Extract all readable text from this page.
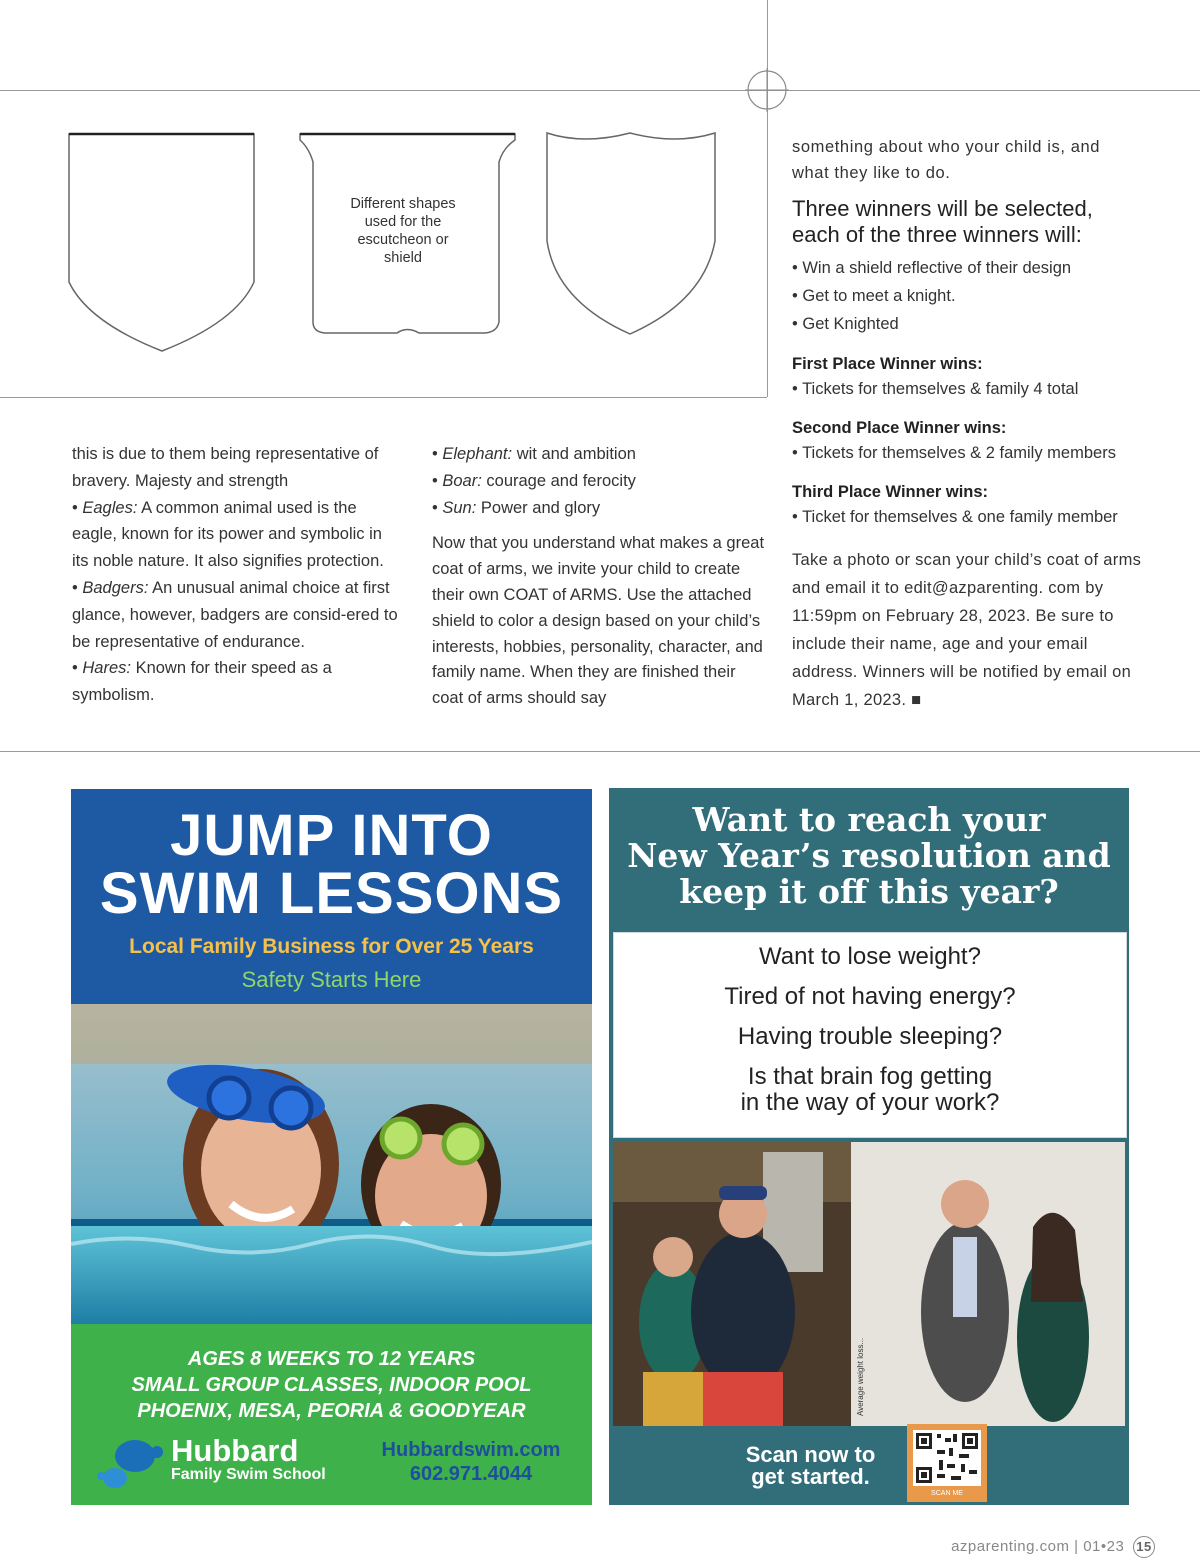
Different shapes used for the escutcheon or shield

this is due to them being representative of bravery. Majesty and strength

• Eagles: A common animal used is the eagle, known for its power and symbolic in its noble nature. It also signifies protection.

• Badgers: An unusual animal choice at first glance, however, badgers are consid-ered to be representative of endurance.

• Hares: Known for their speed as a symbolism.

• Elephant: wit and ambition

• Boar: courage and ferocity

• Sun: Power and glory

Now that you understand what makes a great coat of arms, we invite your child to create their own COAT of ARMS. Use the attached shield to color a design based on your child’s interests, hobbies, personality, character, and family name. When they are finished their coat of arms should say

something about who your child is, and what they like to do.
Three winners will be selected, each of the three winners will:
• Win a shield reflective of their design
• Get to meet a knight.
• Get Knighted
First Place Winner wins:
• Tickets for themselves & family 4 total
Second Place Winner wins:
• Tickets for themselves & 2 family members
Third Place Winner wins:
• Ticket for themselves & one family member
Take a photo or scan your child’s coat of arms and email it to edit@azparenting. com by 11:59pm on February 28, 2023. Be sure to include their name, age and your email address. Winners will be notified by email on March 1, 2023. ■
JUMP INTO
SWIM LESSONS
Local Family Business for Over 25 Years
Safety Starts Here
AGES 8 WEEKS TO 12 YEARS
SMALL GROUP CLASSES, INDOOR POOL
PHOENIX, MESA, PEORIA & GOODYEAR
Hubbard
Family Swim School
Hubbardswim.com
602.971.4044
Want to reach your
New Year’s resolution and
keep it off this year?
Want to lose weight?
Tired of not having energy?
Having trouble sleeping?
Is that brain fog getting
in the way of your work?
Average weight loss...
Scan now to
get started.
SCAN ME
azparenting.com | 01•23 15
